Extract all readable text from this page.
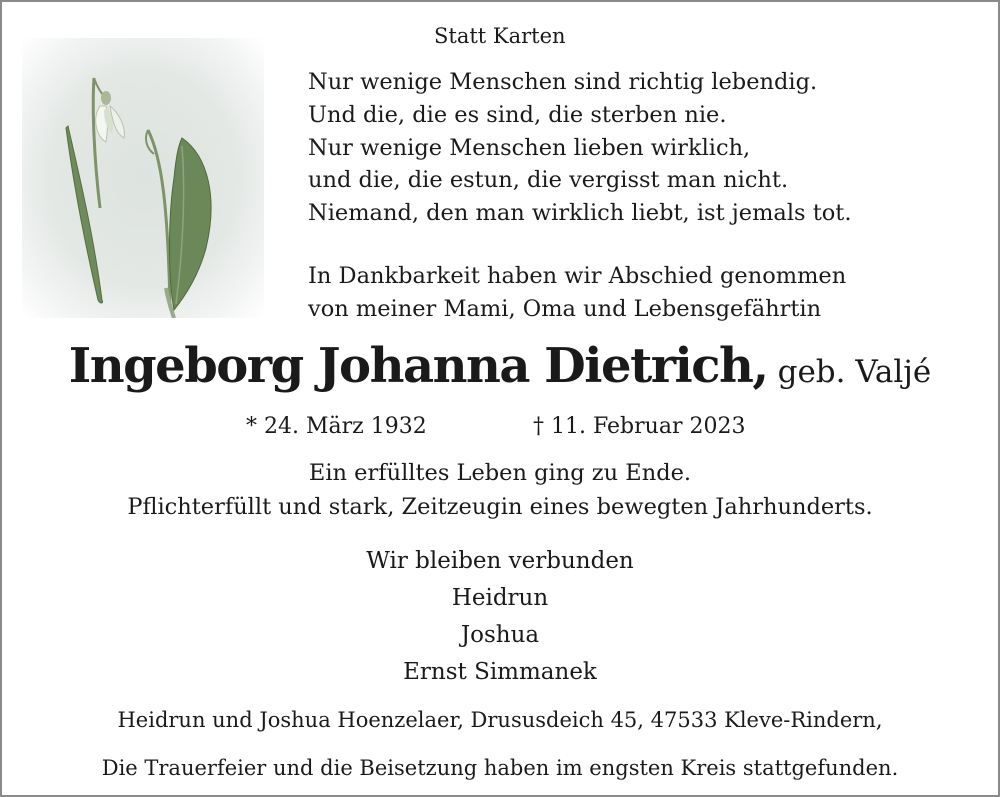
Statt Karten
Nur wenige Menschen sind richtig lebendig.
Und die, die es sind, die sterben nie.
Nur wenige Menschen lieben wirklich,
und die, die estun, die vergisst man nicht.
Niemand, den man wirklich liebt, ist jemals tot.
In Dankbarkeit haben wir Abschied genommen
von meiner Mami, Oma und Lebensgefährtin
Ingeborg Johanna Dietrich, geb. Valjé
* 24. März 1932	† 11. Februar 2023
Ein erfülltes Leben ging zu Ende.
Pflichterfüllt und stark, Zeitzeugin eines bewegten Jahrhunderts.
Wir bleiben verbunden
Heidrun
Joshua
Ernst Simmanek
Heidrun und Joshua Hoenzelaer, Drususdeich 45, 47533 Kleve-Rindern,
Die Trauerfeier und die Beisetzung haben im engsten Kreis stattgefunden.
